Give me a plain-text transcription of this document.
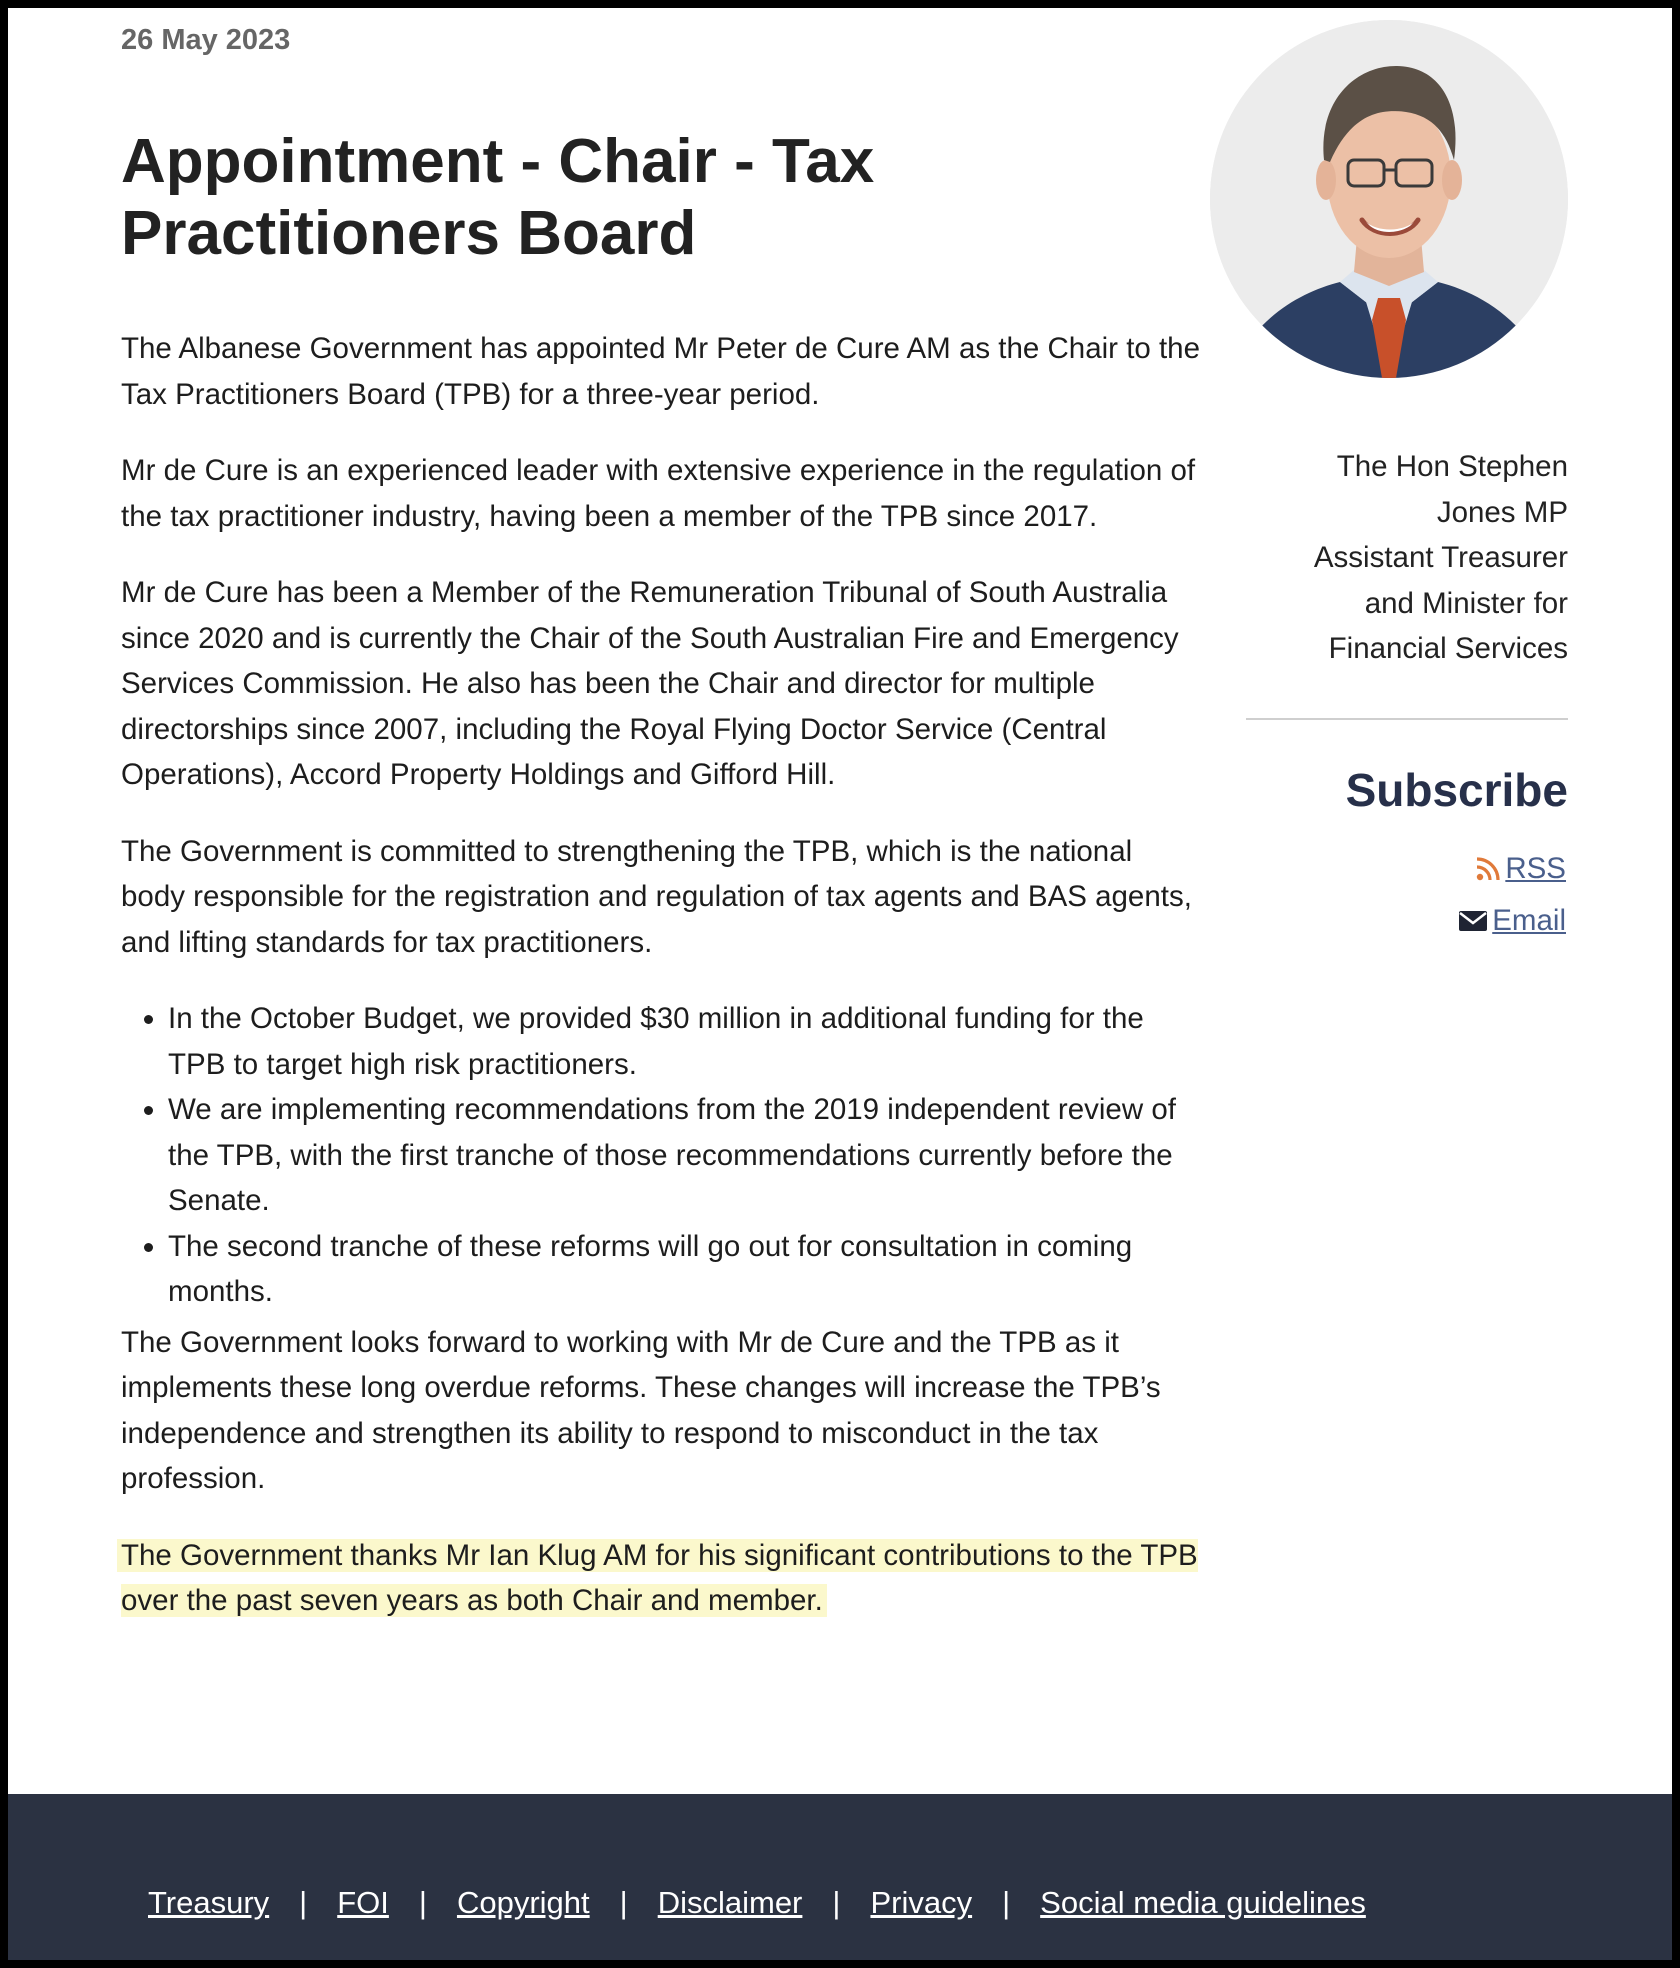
26 May 2023
Appointment - Chair - Tax Practitioners Board

The Albanese Government has appointed Mr Peter de Cure AM as the Chair to the Tax Practitioners Board (TPB) for a three-year period.

Mr de Cure is an experienced leader with extensive experience in the regulation of the tax practitioner industry, having been a member of the TPB since 2017.

Mr de Cure has been a Member of the Remuneration Tribunal of South Australia since 2020 and is currently the Chair of the South Australian Fire and Emergency Services Commission. He also has been the Chair and director for multiple directorships since 2007, including the Royal Flying Doctor Service (Central Operations), Accord Property Holdings and Gifford Hill.

The Government is committed to strengthening the TPB, which is the national body responsible for the registration and regulation of tax agents and BAS agents, and lifting standards for tax practitioners.

• In the October Budget, we provided $30 million in additional funding for the TPB to target high risk practitioners.
• We are implementing recommendations from the 2019 independent review of the TPB, with the first tranche of those recommendations currently before the Senate.
• The second tranche of these reforms will go out for consultation in coming months.

The Government looks forward to working with Mr de Cure and the TPB as it implements these long overdue reforms. These changes will increase the TPB’s independence and strengthen its ability to respond to misconduct in the tax profession.

The Government thanks Mr Ian Klug AM for his significant contributions to the TPB over the past seven years as both Chair and member.

The Hon Stephen
Jones MP
Assistant Treasurer
and Minister for
Financial Services
Subscribe
RSS
Email
Treasury | FOI | Copyright | Disclaimer | Privacy | Social media guidelines
